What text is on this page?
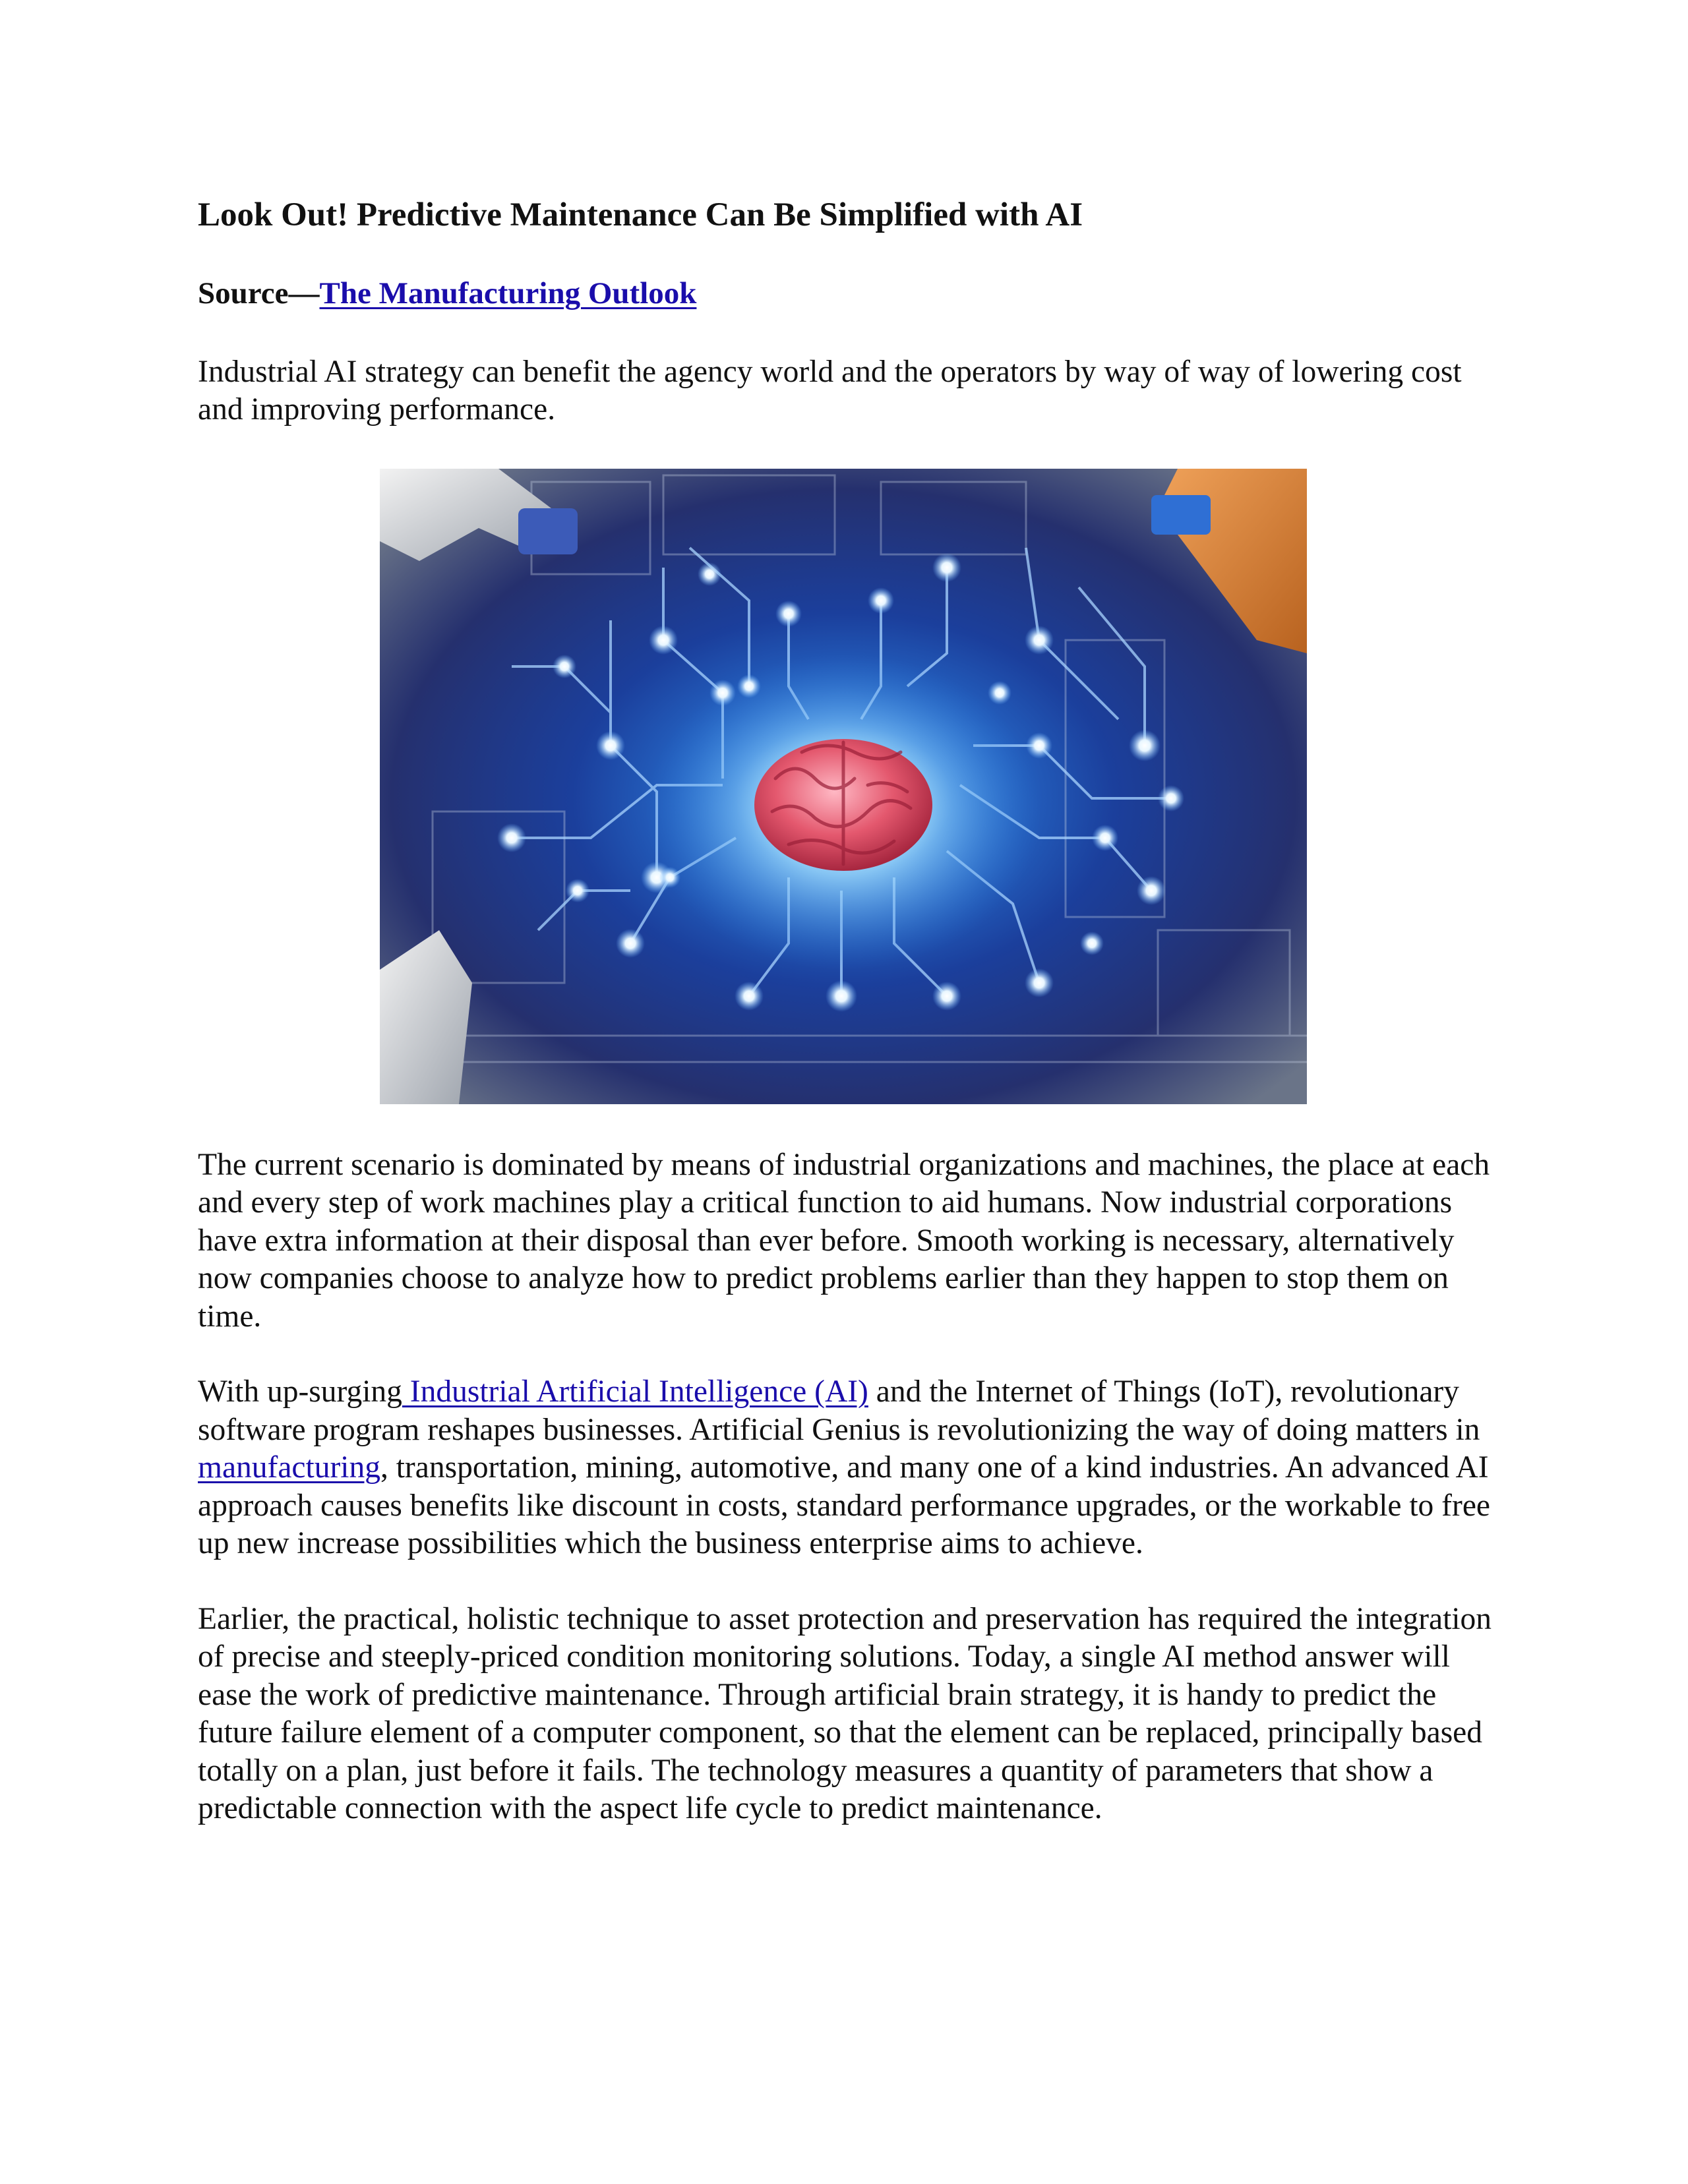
Look Out! Predictive Maintenance Can Be Simplified with AI
Source—The Manufacturing Outlook

Industrial AI strategy can benefit the agency world and the operators by way of way of lowering cost and improving performance.

The current scenario is dominated by means of industrial organizations and machines, the place at each and every step of work machines play a critical function to aid humans. Now industrial corporations have extra information at their disposal than ever before. Smooth working is necessary, alternatively now companies choose to analyze how to predict problems earlier than they happen to stop them on time.

With up-surging Industrial Artificial Intelligence (AI) and the Internet of Things (IoT), revolutionary software program reshapes businesses. Artificial Genius is revolutionizing the way of doing matters in manufacturing, transportation, mining, automotive, and many one of a kind industries. An advanced AI approach causes benefits like discount in costs, standard performance upgrades, or the workable to free up new increase possibilities which the business enterprise aims to achieve.

Earlier, the practical, holistic technique to asset protection and preservation has required the integration of precise and steeply-priced condition monitoring solutions. Today, a single AI method answer will ease the work of predictive maintenance. Through artificial brain strategy, it is handy to predict the future failure element of a computer component, so that the element can be replaced, principally based totally on a plan, just before it fails. The technology measures a quantity of parameters that show a predictable connection with the aspect life cycle to predict maintenance.
